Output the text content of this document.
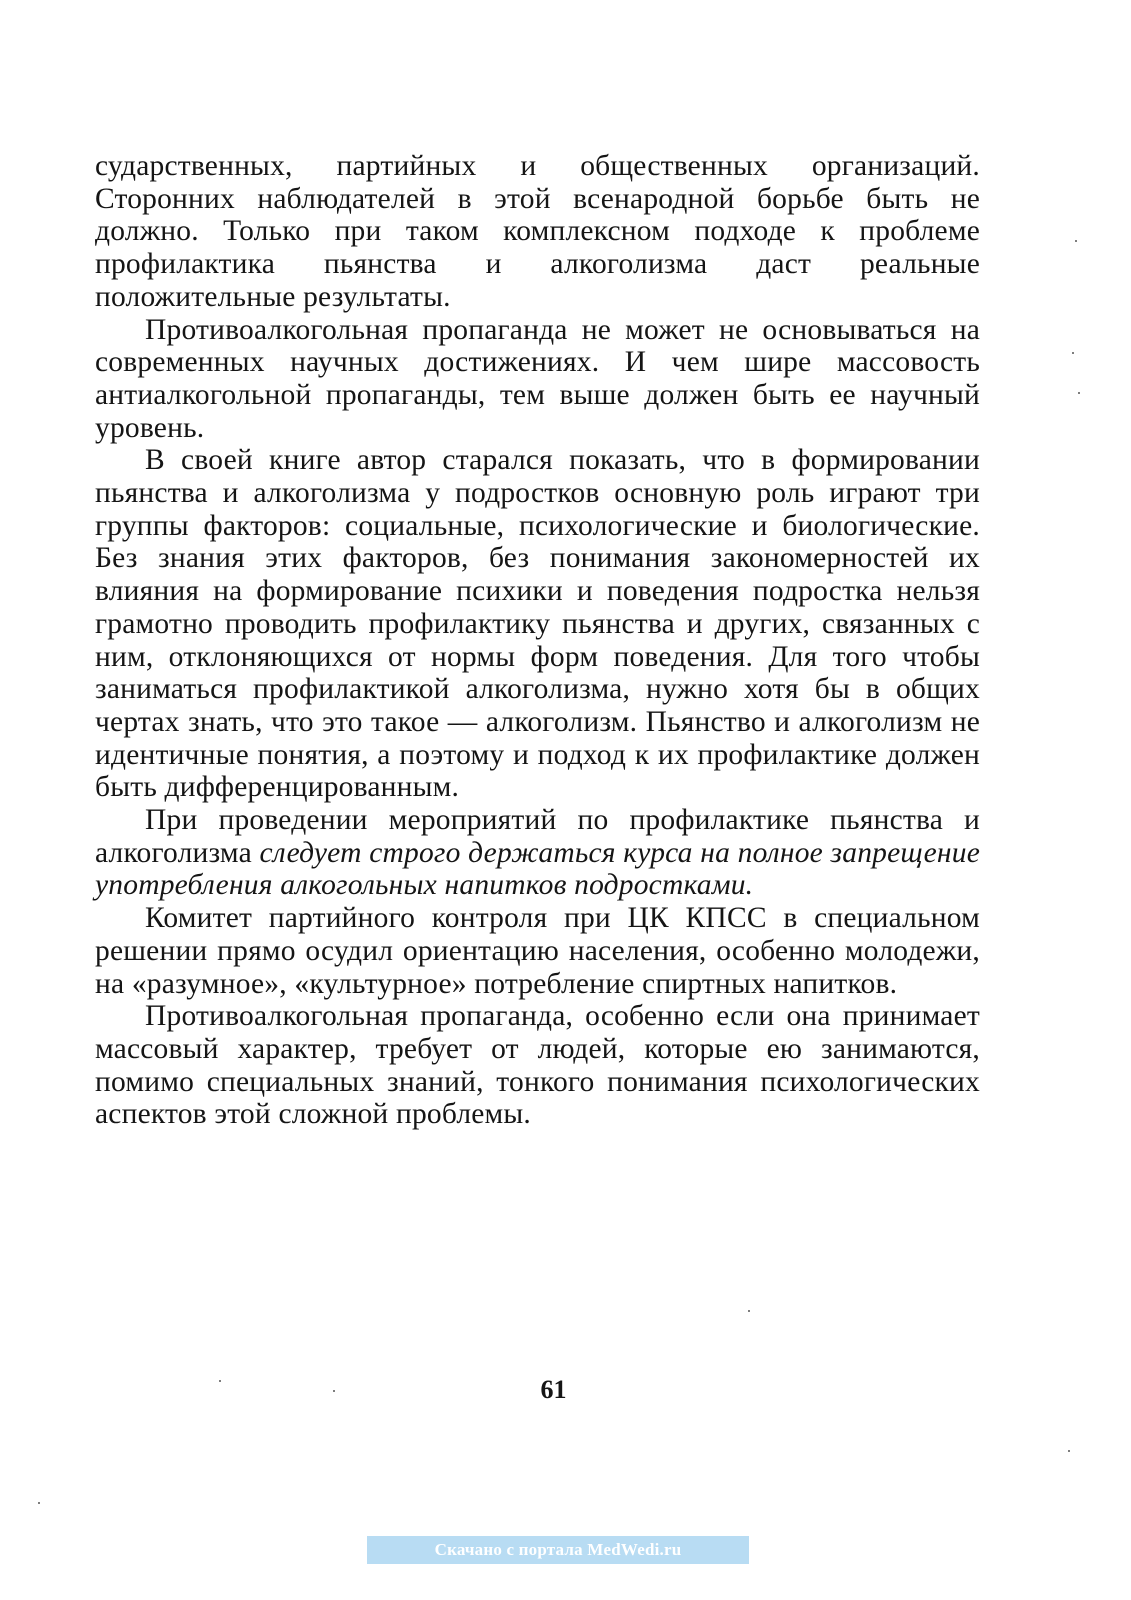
сударственных, партийных и общественных организаций. Сторонних наблюдателей в этой всенародной борьбе быть не должно. Только при таком комплексном подходе к проблеме профилактика пьянства и алкоголизма даст реальные положительные результаты.

Противоалкогольная пропаганда не может не основываться на современных научных достижениях. И чем шире массовость антиалкогольной пропаганды, тем выше должен быть ее научный уровень.

В своей книге автор старался показать, что в формировании пьянства и алкоголизма у подростков основную роль играют три группы факторов: социальные, психологические и биологические. Без знания этих факторов, без понимания закономерностей их влияния на формирование психики и поведения подростка нельзя грамотно проводить профилактику пьянства и других, связанных с ним, отклоняющихся от нормы форм поведения. Для того чтобы заниматься профилактикой алкоголизма, нужно хотя бы в общих чертах знать, что это такое — алкоголизм. Пьянство и алкоголизм не идентичные понятия, а поэтому и подход к их профилактике должен быть дифференцированным.

При проведении мероприятий по профилактике пьянства и алкоголизма следует строго держаться курса на полное запрещение употребления алкогольных напитков подростками.

Комитет партийного контроля при ЦК КПСС в специальном решении прямо осудил ориентацию населения, особенно молодежи, на «разумное», «культурное» потребление спиртных напитков.

Противоалкогольная пропаганда, особенно если она принимает массовый характер, требует от людей, которые ею занимаются, помимо специальных знаний, тонкого понимания психологических аспектов этой сложной проблемы.

61
Скачано с портала MedWedi.ru
